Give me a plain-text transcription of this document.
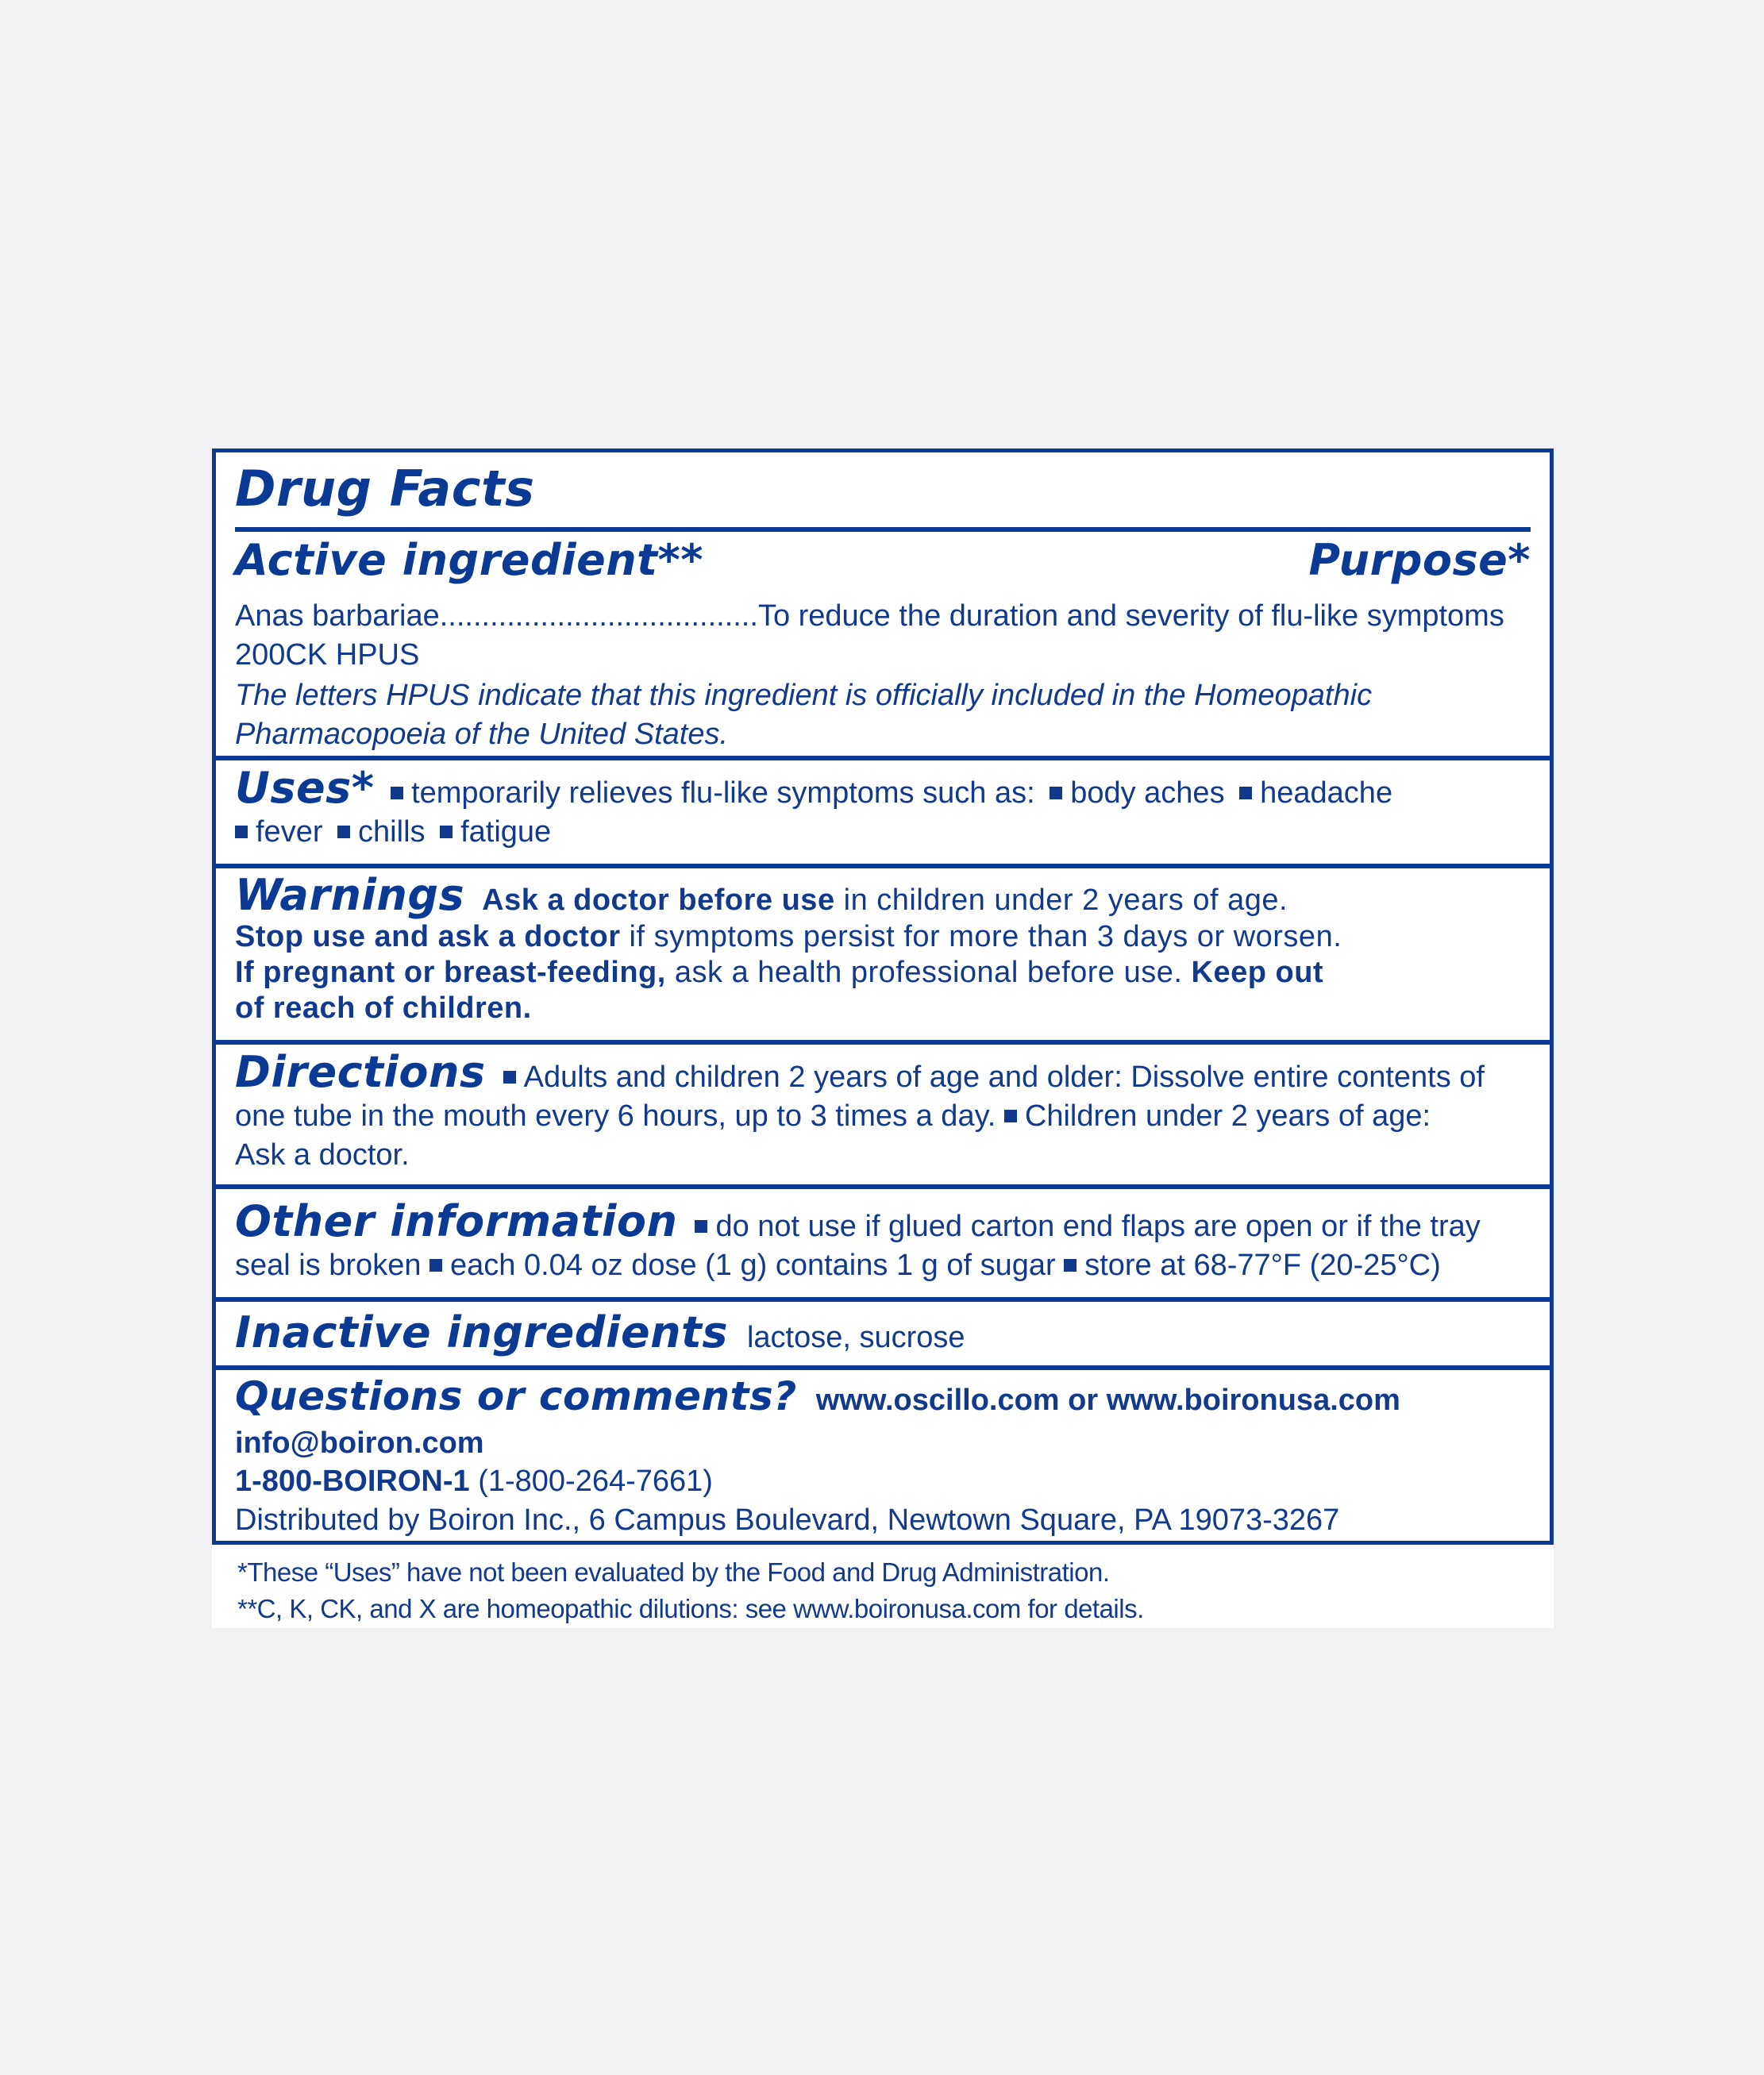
Drug Facts
Active ingredient**	Purpose*
Anas barbariae......................................To reduce the duration and severity of flu-like symptoms
200CK HPUS
The letters HPUS indicate that this ingredient is officially included in the Homeopathic
Pharmacopoeia of the United States.
Uses* temporarily relieves flu-like symptoms such as: body aches headache
fever chills fatigue
Warnings Ask a doctor before use in children under 2 years of age.
Stop use and ask a doctor if symptoms persist for more than 3 days or worsen.
If pregnant or breast-feeding, ask a health professional before use. Keep out
of reach of children.
Directions Adults and children 2 years of age and older: Dissolve entire contents of
one tube in the mouth every 6 hours, up to 3 times a day. Children under 2 years of age:
Ask a doctor.
Other information do not use if glued carton end flaps are open or if the tray
seal is broken each 0.04 oz dose (1 g) contains 1 g of sugar store at 68-77°F (20-25°C)
Inactive ingredients lactose, sucrose
Questions or comments? www.oscillo.com or www.boironusa.com
info@boiron.com
1-800-BOIRON-1 (1-800-264-7661)
Distributed by Boiron Inc., 6 Campus Boulevard, Newtown Square, PA 19073-3267
*These “Uses” have not been evaluated by the Food and Drug Administration.
**C, K, CK, and X are homeopathic dilutions: see www.boironusa.com for details.
